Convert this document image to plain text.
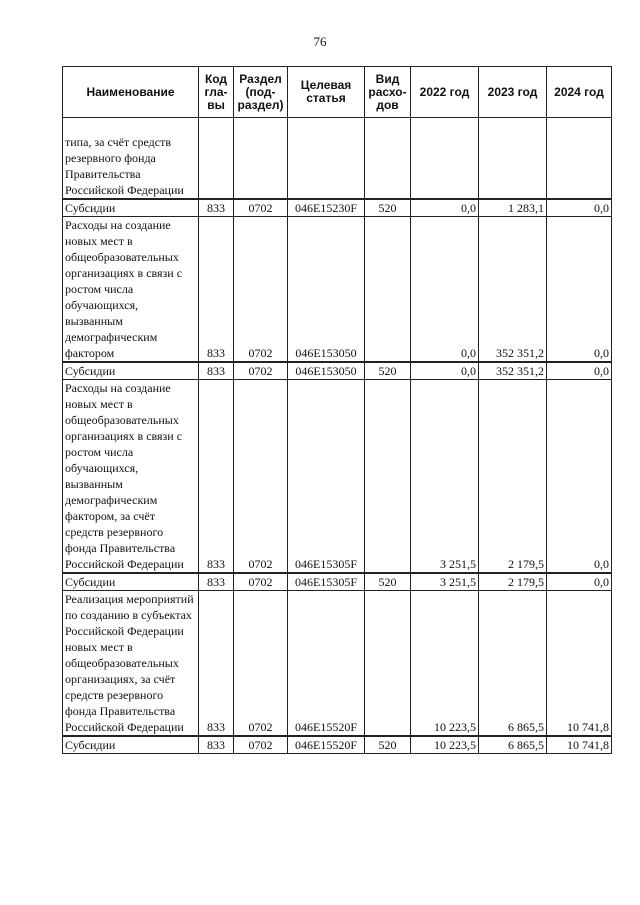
76
Наименование	Код гла- вы	Раздел (под- раздел)	Целевая статья	Вид расхо- дов	2022 год	2023 год	2024 год
типа, за счёт средств резервного фонда Правительства Российской Федерации							
Субсидии	833	0702	046E15230F	520	0,0	1 283,1	0,0
Расходы на создание новых мест в общеобразовательных организациях в связи с ростом числа обучающихся, вызванным демографическим фактором	833	0702	046E153050		0,0	352 351,2	0,0
Субсидии	833	0702	046E153050	520	0,0	352 351,2	0,0
Расходы на создание новых мест в общеобразовательных организациях в связи с ростом числа обучающихся, вызванным демографическим фактором, за счёт средств резервного фонда Правительства Российской Федерации	833	0702	046E15305F		3 251,5	2 179,5	0,0
Субсидии	833	0702	046E15305F	520	3 251,5	2 179,5	0,0
Реализация мероприятий по созданию в субъектах Российской Федерации новых мест в общеобразовательных организациях, за счёт средств резервного фонда Правительства Российской Федерации	833	0702	046E15520F		10 223,5	6 865,5	10 741,8
Субсидии	833	0702	046E15520F	520	10 223,5	6 865,5	10 741,8
